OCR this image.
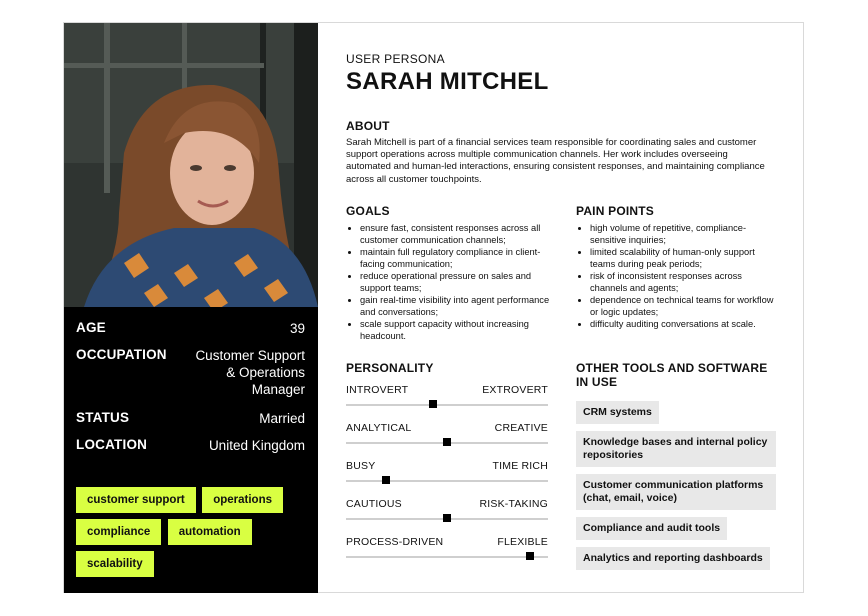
AGE	39
OCCUPATION Customer Support
& Operations
Manager
STATUS	Married
LOCATION	United Kingdom
customer support operations compliance automation scalability
USER PERSONA
SARAH MITCHEL
ABOUT

Sarah Mitchell is part of a financial services team responsible for coordinating sales and customer support operations across multiple communication channels. Her work includes overseeing automated and human-led interactions, ensuring consistent responses, and maintaining compliance across all customer touchpoints.

GOALS
• ensure fast, consistent responses across all customer communication channels;
• maintain full regulatory compliance in client-facing communication;
• reduce operational pressure on sales and support teams;
• gain real-time visibility into agent performance and conversations;
• scale support capacity without increasing headcount.
PAIN POINTS
• high volume of repetitive, compliance-sensitive inquiries;
• limited scalability of human-only support teams during peak periods;
• risk of inconsistent responses across channels and agents;
• dependence on technical teams for workflow or logic updates;
• difficulty auditing conversations at scale.
PERSONALITY
INTROVERT	EXTROVERT
ANALYTICAL	CREATIVE
BUSY	TIME RICH
CAUTIOUS	RISK-TAKING
PROCESS-DRIVEN	FLEXIBLE
OTHER TOOLS AND SOFTWARE IN USE
CRM systems
Knowledge bases and internal policy repositories
Customer communication platforms (chat, email, voice)
Compliance and audit tools
Analytics and reporting dashboards
